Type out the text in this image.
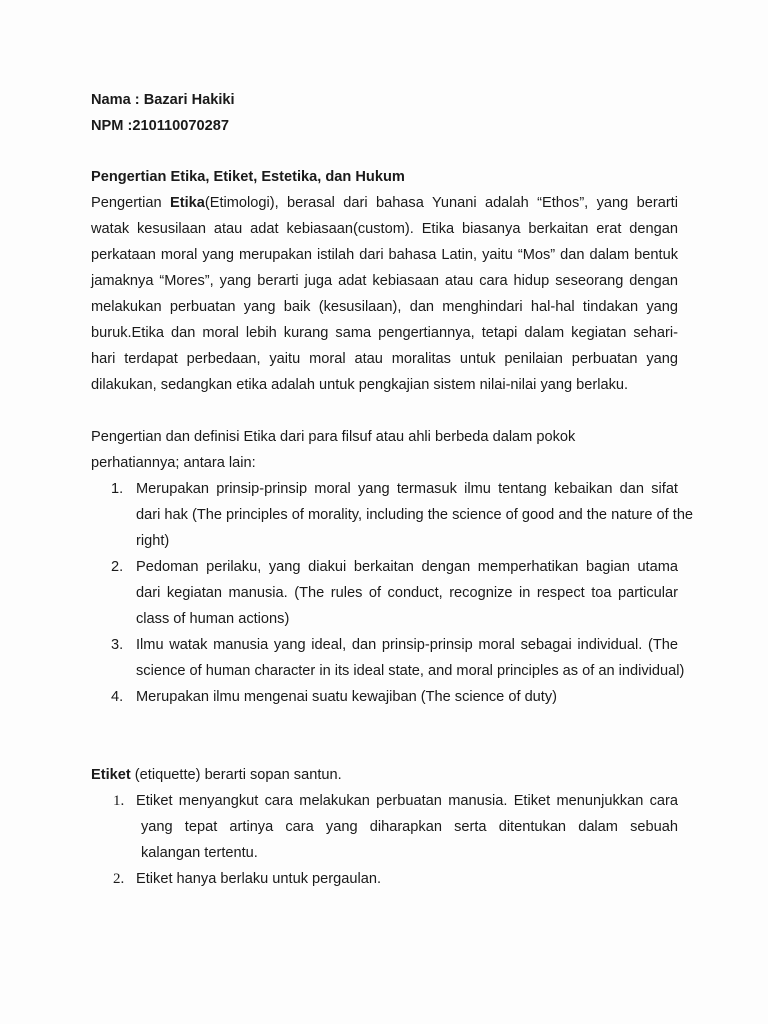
Nama : Bazari Hakiki
NPM :210110070287
Pengertian Etika, Etiket, Estetika, dan Hukum
Pengertian Etika(Etimologi), berasal dari bahasa Yunani adalah “Ethos”, yang berarti
watak kesusilaan atau adat kebiasaan(custom). Etika biasanya berkaitan erat dengan
perkataan moral yang merupakan istilah dari bahasa Latin, yaitu “Mos” dan dalam bentuk
jamaknya “Mores”, yang berarti juga adat kebiasaan atau cara hidup seseorang dengan
melakukan perbuatan yang baik (kesusilaan), dan menghindari hal-hal tindakan yang
buruk.Etika dan moral lebih kurang sama pengertiannya, tetapi dalam kegiatan sehari-
hari terdapat perbedaan, yaitu moral atau moralitas untuk penilaian perbuatan yang
dilakukan, sedangkan etika adalah untuk pengkajian sistem nilai-nilai yang berlaku.
Pengertian dan definisi Etika dari para filsuf atau ahli berbeda dalam pokok
perhatiannya; antara lain:
1. Merupakan prinsip-prinsip moral yang termasuk ilmu tentang kebaikan dan sifat
dari hak (The principles of morality, including the science of good and the nature of the
right)
2. Pedoman perilaku, yang diakui berkaitan dengan memperhatikan bagian utama
dari kegiatan manusia. (The rules of conduct, recognize in respect toa particular
class of human actions)
3. Ilmu watak manusia yang ideal, dan prinsip-prinsip moral sebagai individual. (The
science of human character in its ideal state, and moral principles as of an individual)
4. Merupakan ilmu mengenai suatu kewajiban (The science of duty)
Etiket (etiquette) berarti sopan santun.
1. Etiket menyangkut cara melakukan perbuatan manusia. Etiket menunjukkan cara
yang tepat artinya cara yang diharapkan serta ditentukan dalam sebuah
kalangan tertentu.
2. Etiket hanya berlaku untuk pergaulan.
